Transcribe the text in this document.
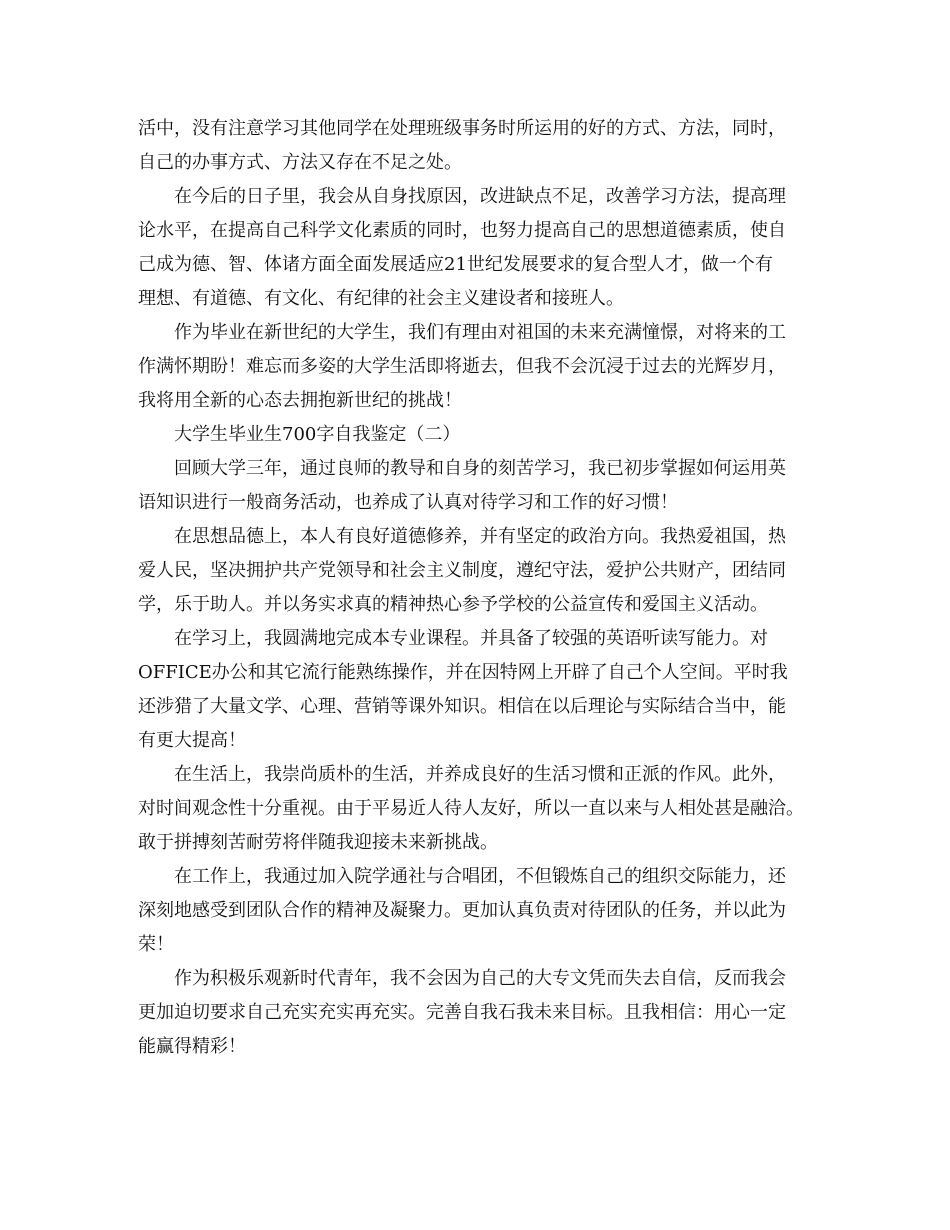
活中，没有注意学习其他同学在处理班级事务时所运用的好的方式、方法，同时，
自己的办事方式、方法又存在不足之处。
在今后的日子里，我会从自身找原因，改进缺点不足，改善学习方法，提高理
论水平，在提高自己科学文化素质的同时，也努力提高自己的思想道德素质，使自
己成为德、智、体诸方面全面发展适应21世纪发展要求的复合型人才，做一个有
理想、有道德、有文化、有纪律的社会主义建设者和接班人。
作为毕业在新世纪的大学生，我们有理由对祖国的未来充满憧憬，对将来的工
作满怀期盼！难忘而多姿的大学生活即将逝去，但我不会沉浸于过去的光辉岁月，
我将用全新的心态去拥抱新世纪的挑战！
大学生毕业生700字自我鉴定（二）
回顾大学三年，通过良师的教导和自身的刻苦学习，我已初步掌握如何运用英
语知识进行一般商务活动，也养成了认真对待学习和工作的好习惯！
在思想品德上，本人有良好道德修养，并有坚定的政治方向。我热爱祖国，热
爱人民，坚决拥护共产党领导和社会主义制度，遵纪守法，爱护公共财产，团结同
学，乐于助人。并以务实求真的精神热心参予学校的公益宣传和爱国主义活动。
在学习上，我圆满地完成本专业课程。并具备了较强的英语听读写能力。对
OFFICE办公和其它流行能熟练操作，并在因特网上开辟了自己个人空间。平时我
还涉猎了大量文学、心理、营销等课外知识。相信在以后理论与实际结合当中，能
有更大提高！
在生活上，我崇尚质朴的生活，并养成良好的生活习惯和正派的作风。此外，
对时间观念性十分重视。由于平易近人待人友好，所以一直以来与人相处甚是融洽。
敢于拼搏刻苦耐劳将伴随我迎接未来新挑战。
在工作上，我通过加入院学通社与合唱团，不但锻炼自己的组织交际能力，还
深刻地感受到团队合作的精神及凝聚力。更加认真负责对待团队的任务，并以此为
荣！
作为积极乐观新时代青年，我不会因为自己的大专文凭而失去自信，反而我会
更加迫切要求自己充实充实再充实。完善自我石我未来目标。且我相信：用心一定
能赢得精彩！
